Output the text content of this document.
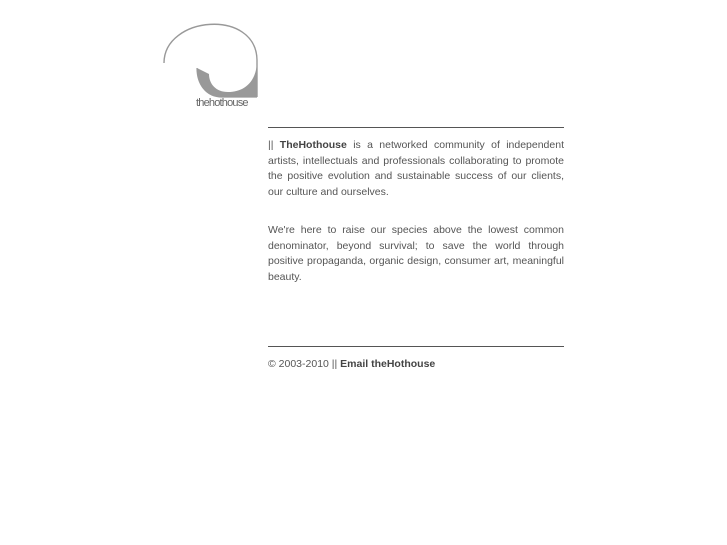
thehothouse

|| TheHothouse is a networked community of independent artists, intellectuals and professionals collaborating to promote the positive evolution and sustainable success of our clients, our culture and ourselves.

We're here to raise our species above the lowest common denominator, beyond survival; to save the world through positive propaganda, organic design, consumer art, meaningful beauty.

© 2003-2010 || Email theHothouse
